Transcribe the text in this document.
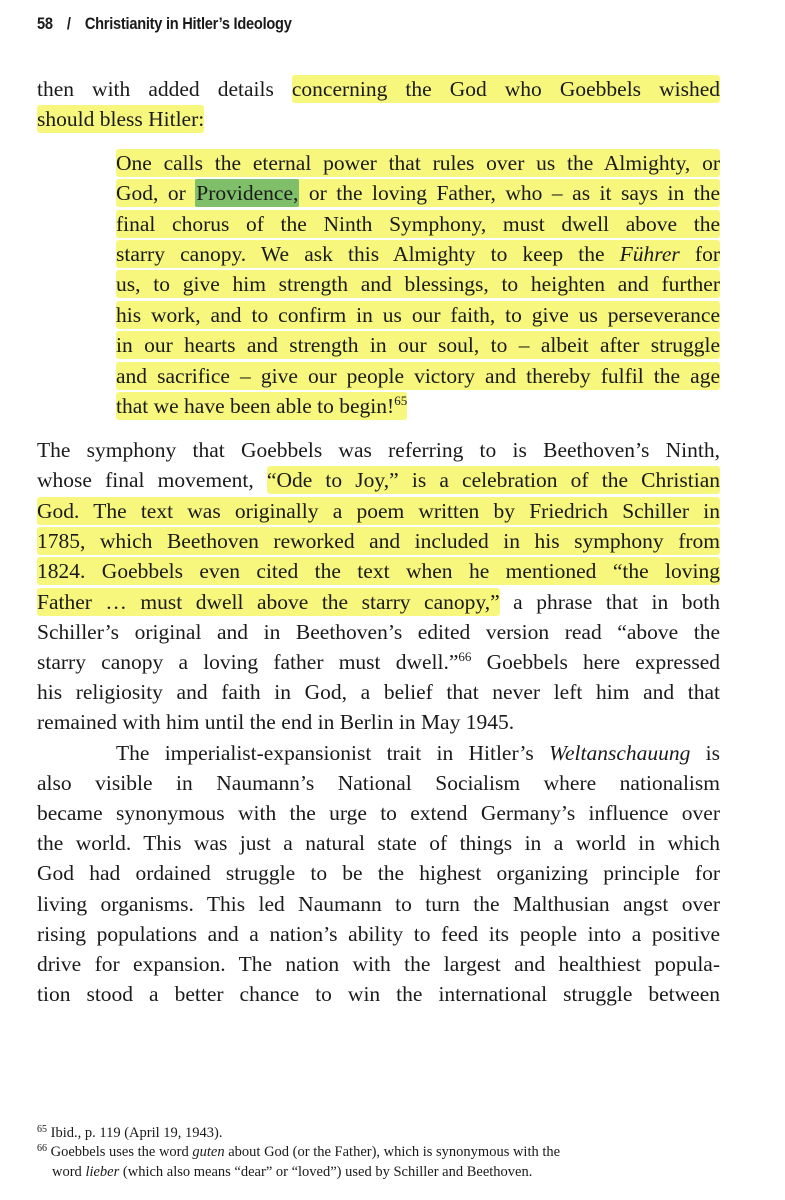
58 / Christianity in Hitler’s Ideology
then with added details concerning the God who Goebbels wished
should bless Hitler:
One calls the eternal power that rules over us the Almighty, or
God, or Providence, or the loving Father, who – as it says in the
final chorus of the Ninth Symphony, must dwell above the
starry canopy. We ask this Almighty to keep the Führer for
us, to give him strength and blessings, to heighten and further
his work, and to confirm in us our faith, to give us perseverance
in our hearts and strength in our soul, to – albeit after struggle
and sacrifice – give our people victory and thereby fulfil the age
that we have been able to begin!$^{65}$
The symphony that Goebbels was referring to is Beethoven’s Ninth,
whose final movement, “Ode to Joy,” is a celebration of the Christian
God. The text was originally a poem written by Friedrich Schiller in
1785, which Beethoven reworked and included in his symphony from
1824. Goebbels even cited the text when he mentioned “the loving
Father … must dwell above the starry canopy,” a phrase that in both
Schiller’s original and in Beethoven’s edited version read “above the
starry canopy a loving father must dwell.”$^{66}$ Goebbels here expressed
his religiosity and faith in God, a belief that never left him and that
remained with him until the end in Berlin in May 1945.
The imperialist-expansionist trait in Hitler’s Weltanschauung is
also visible in Naumann’s National Socialism where nationalism
became synonymous with the urge to extend Germany’s influence over
the world. This was just a natural state of things in a world in which
God had ordained struggle to be the highest organizing principle for
living organisms. This led Naumann to turn the Malthusian angst over
rising populations and a nation’s ability to feed its people into a positive
drive for expansion. The nation with the largest and healthiest popula-
tion stood a better chance to win the international struggle between
$^{65}$ Ibid., p. 119 (April 19, 1943).
$^{66}$ Goebbels uses the word guten about God (or the Father), which is synonymous with the
word lieber (which also means “dear” or “loved”) used by Schiller and Beethoven.
